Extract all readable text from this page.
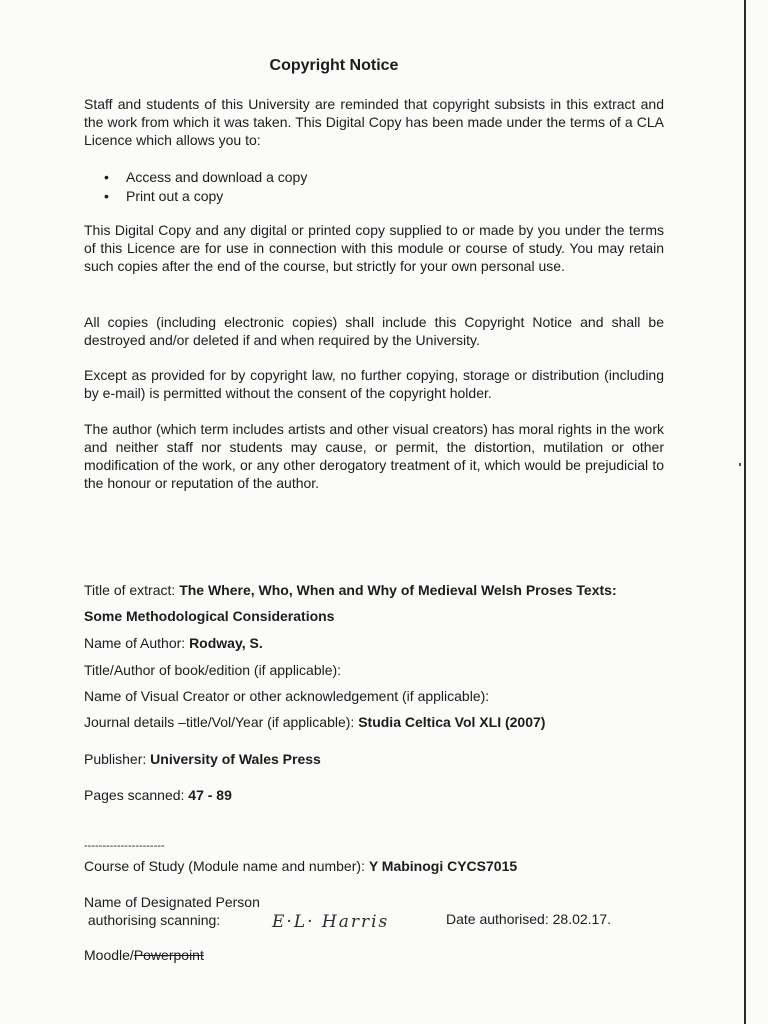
Copyright Notice
Staff and students of this University are reminded that copyright subsists in this extract and the work from which it was taken. This Digital Copy has been made under the terms of a CLA Licence which allows you to:
• Access and download a copy
• Print out a copy
This Digital Copy and any digital or printed copy supplied to or made by you under the terms of this Licence are for use in connection with this module or course of study. You may retain such copies after the end of the course, but strictly for your own personal use.
All copies (including electronic copies) shall include this Copyright Notice and shall be destroyed and/or deleted if and when required by the University.
Except as provided for by copyright law, no further copying, storage or distribution (including by e-mail) is permitted without the consent of the copyright holder.
The author (which term includes artists and other visual creators) has moral rights in the work and neither staff nor students may cause, or permit, the distortion, mutilation or other modification of the work, or any other derogatory treatment of it, which would be prejudicial to the honour or reputation of the author.
Title of extract: The Where, Who, When and Why of Medieval Welsh Proses Texts:
Some Methodological Considerations
Name of Author: Rodway, S.
Title/Author of book/edition (if applicable):
Name of Visual Creator or other acknowledgement (if applicable):
Journal details –title/Vol/Year (if applicable): Studia Celtica Vol XLI (2007)
Publisher: University of Wales Press
Pages scanned: 47 - 89
----------------------
Course of Study (Module name and number): Y Mabinogi CYCS7015
Name of Designated Person
authorising scanning:	E·L· Harris	Date authorised: 28.02.17.
Moodle/Powerpoint
